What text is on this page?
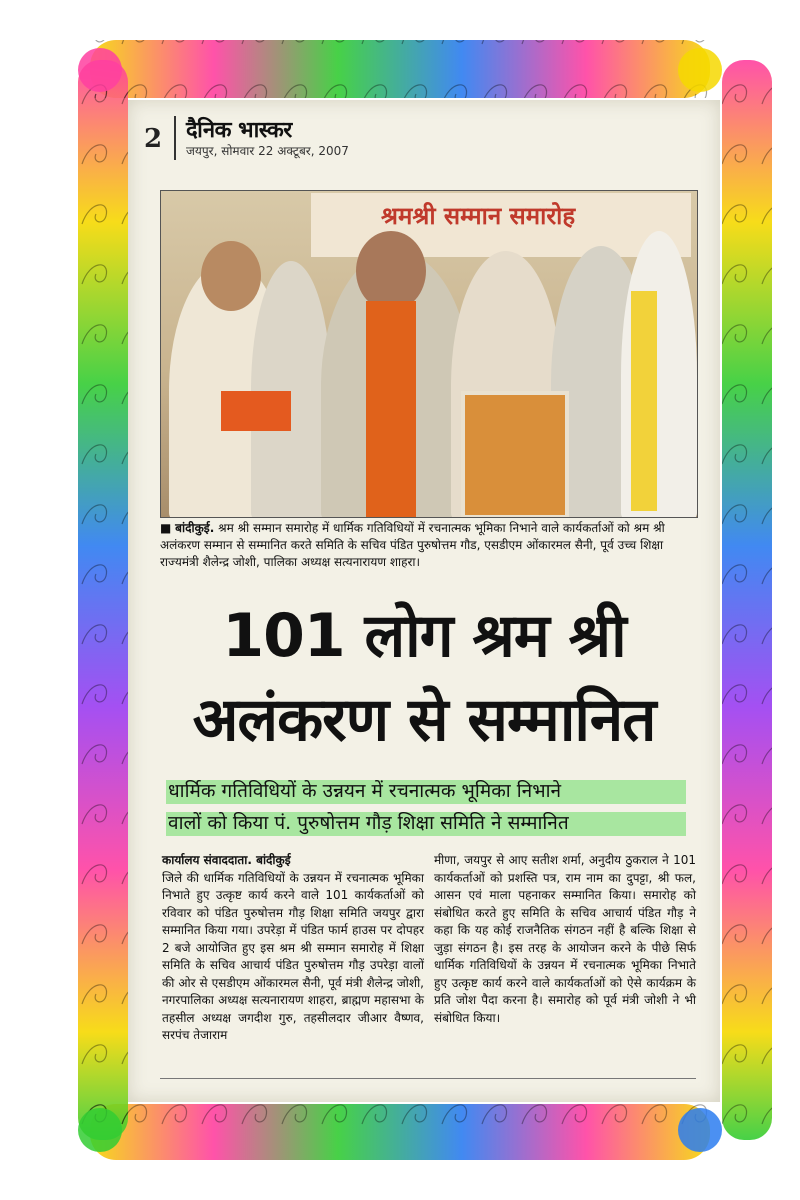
2 दैनिक भास्कर
जयपुर, सोमवार 22 अक्टूबर, 2007
श्रमश्री सम्मान समारोह
■ बांदीकुई. श्रम श्री सम्मान समारोह में धार्मिक गतिविधियों में रचनात्मक भूमिका निभाने वाले कार्यकर्ताओं को श्रम श्री अलंकरण सम्मान से सम्मानित करते समिति के सचिव पंडित पुरुषोत्तम गौड, एसडीएम ओंकारमल सैनी, पूर्व उच्च शिक्षा राज्यमंत्री शैलेन्द्र जोशी, पालिका अध्यक्ष सत्यनारायण शाहरा।
101 लोग श्रम श्री
अलंकरण से सम्मानित
धार्मिक गतिविधियों के उन्नयन में रचनात्मक भूमिका निभाने
वालों को किया पं. पुरुषोत्तम गौड़ शिक्षा समिति ने सम्मानित
कार्यालय संवाददाता. बांदीकुई
जिले की धार्मिक गतिविधियों के उन्नयन में रचनात्मक भूमिका निभाते हुए उत्कृष्ट कार्य करने वाले 101 कार्यकर्ताओं को रविवार को पंडित पुरुषोत्तम गौड़ शिक्षा समिति जयपुर द्वारा सम्मानित किया गया। उपरेड़ा में पंडित फार्म हाउस पर दोपहर 2 बजे आयोजित हुए इस श्रम श्री सम्मान समारोह में शिक्षा समिति के सचिव आचार्य पंडित पुरुषोत्तम गौड़ उपरेड़ा वालों की ओर से एसडीएम ओंकारमल सैनी, पूर्व मंत्री शैलेन्द्र जोशी, नगरपालिका अध्यक्ष सत्यनारायण शाहरा, ब्राह्मण महासभा के तहसील अध्यक्ष जगदीश गुरु, तहसीलदार जीआर वैष्णव, सरपंच तेजाराम
मीणा, जयपुर से आए सतीश शर्मा, अनुदीय ठुकराल ने 101 कार्यकर्ताओं को प्रशस्ति पत्र, राम नाम का दुपट्टा, श्री फल, आसन एवं माला पहनाकर सम्मानित किया। समारोह को संबोधित करते हुए समिति के सचिव आचार्य पंडित गौड़ ने कहा कि यह कोई राजनैतिक संगठन नहीं है बल्कि शिक्षा से जुड़ा संगठन है। इस तरह के आयोजन करने के पीछे सिर्फ धार्मिक गतिविधियों के उन्नयन में रचनात्मक भूमिका निभाते हुए उत्कृष्ट कार्य करने वाले कार्यकर्ताओं को ऐसे कार्यक्रम के प्रति जोश पैदा करना है। समारोह को पूर्व मंत्री जोशी ने भी संबोधित किया।
